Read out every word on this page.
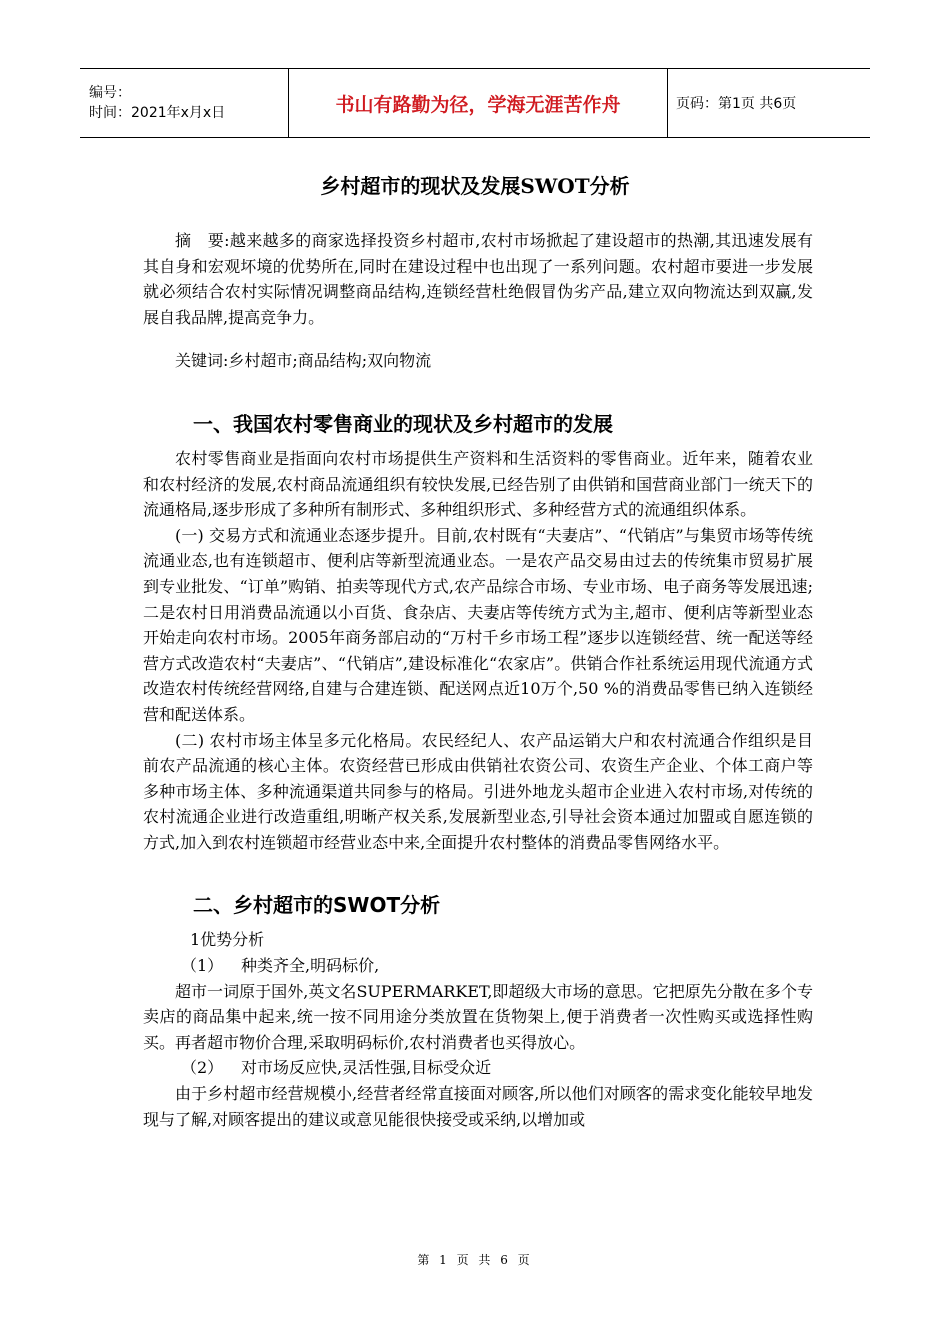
编号：
时间：2021年x月x日	书山有路勤为径，学海无涯苦作舟	页码：第1页 共6页
乡村超市的现状及发展SWOT分析

摘　要:越来越多的商家选择投资乡村超市,农村市场掀起了建设超市的热潮,其迅速发展有其自身和宏观坏境的优势所在,同时在建设过程中也出现了一系列问题。农村超市要进一步发展就必须结合农村实际情况调整商品结构,连锁经营杜绝假冒伪劣产品,建立双向物流达到双赢,发展自我品牌,提高竞争力。

关键词:乡村超市;商品结构;双向物流

一、我国农村零售商业的现状及乡村超市的发展

农村零售商业是指面向农村市场提供生产资料和生活资料的零售商业。近年来，随着农业和农村经济的发展,农村商品流通组织有较快发展,已经告别了由供销和国营商业部门一统天下的流通格局,逐步形成了多种所有制形式、多种组织形式、多种经营方式的流通组织体系。

(一) 交易方式和流通业态逐步提升。目前,农村既有“夫妻店”、“代销店”与集贸市场等传统流通业态,也有连锁超市、便利店等新型流通业态。一是农产品交易由过去的传统集市贸易扩展到专业批发、“订单”购销、拍卖等现代方式,农产品综合市场、专业市场、电子商务等发展迅速;二是农村日用消费品流通以小百货、食杂店、夫妻店等传统方式为主,超市、便利店等新型业态开始走向农村市场。2005年商务部启动的“万村千乡市场工程”逐步以连锁经营、统一配送等经营方式改造农村“夫妻店”、“代销店”,建设标准化“农家店”。供销合作社系统运用现代流通方式改造农村传统经营网络,自建与合建连锁、配送网点近10万个,50 %的消费品零售已纳入连锁经营和配送体系。

(二) 农村市场主体呈多元化格局。农民经纪人、农产品运销大户和农村流通合作组织是目前农产品流通的核心主体。农资经营已形成由供销社农资公司、农资生产企业、个体工商户等多种市场主体、多种流通渠道共同参与的格局。引进外地龙头超市企业进入农村市场,对传统的农村流通企业进行改造重组,明晰产权关系,发展新型业态,引导社会资本通过加盟或自愿连锁的方式,加入到农村连锁超市经营业态中来,全面提升农村整体的消费品零售网络水平。

二、乡村超市的SWOT分析

1优势分析

（1） 种类齐全,明码标价,

超市一词原于国外,英文名SUPERMARKET,即超级大市场的意思。它把原先分散在多个专卖店的商品集中起来,统一按不同用途分类放置在货物架上,便于消费者一次性购买或选择性购买。再者超市物价合理,采取明码标价,农村消费者也买得放心。

（2） 对市场反应快,灵活性强,目标受众近

由于乡村超市经营规模小,经营者经常直接面对顾客,所以他们对顾客的需求变化能较早地发现与了解,对顾客提出的建议或意见能很快接受或采纳,以增加或

第 1 页 共 6 页
